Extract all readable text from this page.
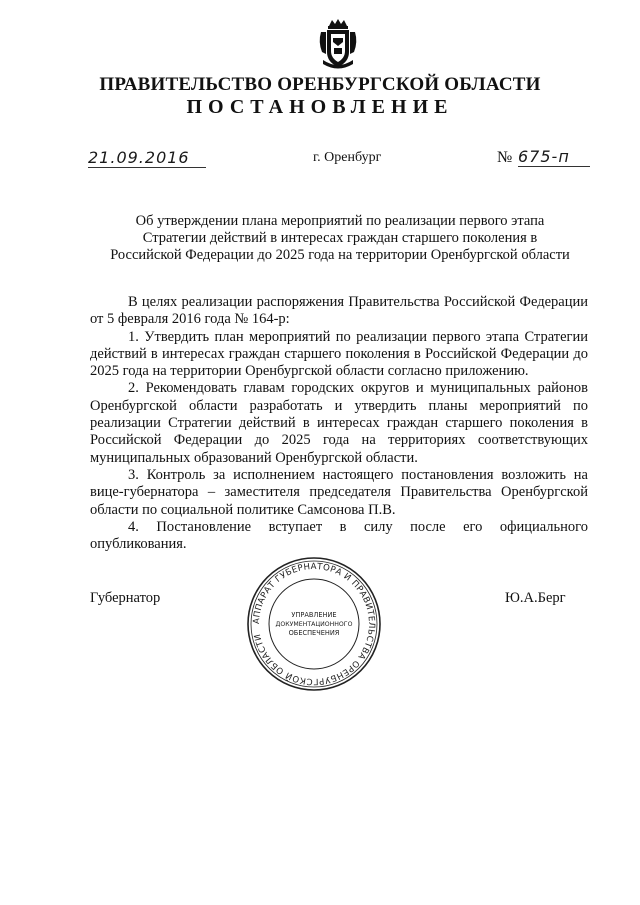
ПРАВИТЕЛЬСТВО ОРЕНБУРГСКОЙ ОБЛАСТИ
ПОСТАНОВЛЕНИЕ
21.09.2016	г. Оренбург	№ 675-п
Об утверждении плана мероприятий по реализации первого этапа
Стратегии действий в интересах граждан старшего поколения в
Российской Федерации до 2025 года на территории Оренбургской области

В целях реализации распоряжения Правительства Российской Федерации от 5 февраля 2016 года № 164-р:

1. Утвердить план мероприятий по реализации первого этапа Стратегии действий в интересах граждан старшего поколения в Российской Федерации до 2025 года на территории Оренбургской области согласно приложению.

2. Рекомендовать главам городских округов и муниципальных районов Оренбургской области разработать и утвердить планы мероприятий по реализации Стратегии действий в интересах граждан старшего поколения в Российской Федерации до 2025 года на территориях соответствующих муниципальных образований Оренбургской области.

3. Контроль за исполнением настоящего постановления возложить на вице-губернатора – заместителя председателя Правительства Оренбургской области по социальной политике Самсонова П.В.

4. Постановление вступает в силу после его официального опубликования.

Губернатор	Ю.А.Берг
АППАРАТ ГУБЕРНАТОРА И ПРАВИТЕЛЬСТВА ОРЕНБУРГСКОЙ ОБЛАСТИ
УПРАВЛЕНИЕ
ДОКУМЕНТАЦИОННОГО
ОБЕСПЕЧЕНИЯ
